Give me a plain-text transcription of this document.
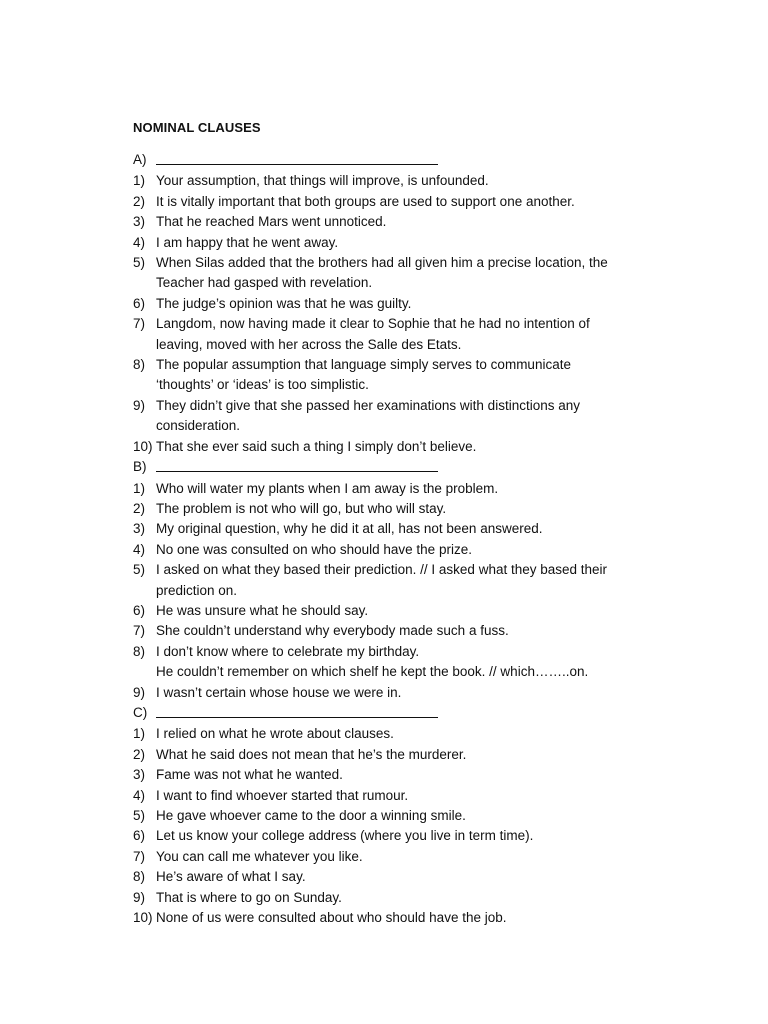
NOMINAL CLAUSES
A)
1) Your assumption, that things will improve, is unfounded.
2) It is vitally important that both groups are used to support one another.
3) That he reached Mars went unnoticed.
4) I am happy that he went away.
5) When Silas added that the brothers had all given him a precise location, the
Teacher had gasped with revelation.
6) The judge’s opinion was that he was guilty.
7) Langdom, now having made it clear to Sophie that he had no intention of
leaving, moved with her across the Salle des Etats.
8) The popular assumption that language simply serves to communicate
‘thoughts’ or ‘ideas’ is too simplistic.
9) They didn’t give that she passed her examinations with distinctions any
consideration.
10) That she ever said such a thing I simply don’t believe.
B)
1) Who will water my plants when I am away is the problem.
2) The problem is not who will go, but who will stay.
3) My original question, why he did it at all, has not been answered.
4) No one was consulted on who should have the prize.
5) I asked on what they based their prediction. // I asked what they based their
prediction on.
6) He was unsure what he should say.
7) She couldn’t understand why everybody made such a fuss.
8) I don’t know where to celebrate my birthday.
He couldn’t remember on which shelf he kept the book. // which……..on.
9) I wasn’t certain whose house we were in.
C)
1) I relied on what he wrote about clauses.
2) What he said does not mean that he’s the murderer.
3) Fame was not what he wanted.
4) I want to find whoever started that rumour.
5) He gave whoever came to the door a winning smile.
6) Let us know your college address (where you live in term time).
7) You can call me whatever you like.
8) He’s aware of what I say.
9) That is where to go on Sunday.
10) None of us were consulted about who should have the job.
